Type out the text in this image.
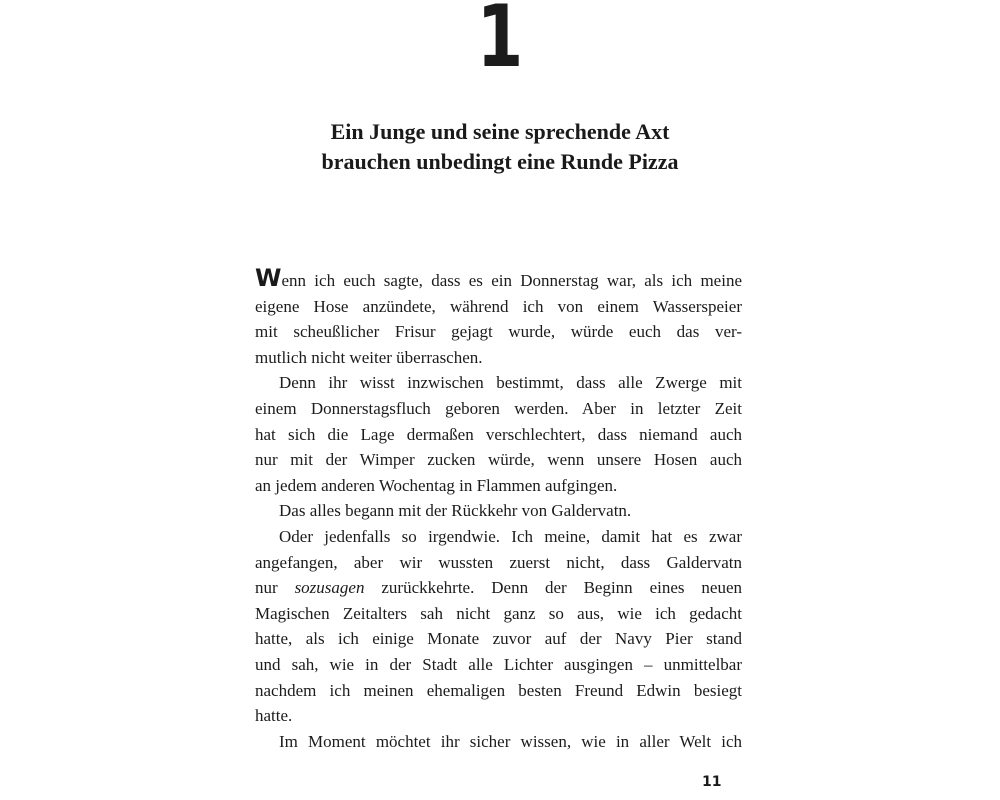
1
Ein Junge und seine sprechende Axt
brauchen unbedingt eine Runde Pizza
Wenn ich euch sagte, dass es ein Donnerstag war, als ich meine
eigene Hose anzündete, während ich von einem Wasserspeier
mit scheußlicher Frisur gejagt wurde, würde euch das ver-
mutlich nicht weiter überraschen.
Denn ihr wisst inzwischen bestimmt, dass alle Zwerge mit
einem Donnerstagsfluch geboren werden. Aber in letzter Zeit
hat sich die Lage dermaßen verschlechtert, dass niemand auch
nur mit der Wimper zucken würde, wenn unsere Hosen auch
an jedem anderen Wochentag in Flammen aufgingen.
Das alles begann mit der Rückkehr von Galdervatn.
Oder jedenfalls so irgendwie. Ich meine, damit hat es zwar
angefangen, aber wir wussten zuerst nicht, dass Galdervatn
nur sozusagen zurückkehrte. Denn der Beginn eines neuen
Magischen Zeitalters sah nicht ganz so aus, wie ich gedacht
hatte, als ich einige Monate zuvor auf der Navy Pier stand
und sah, wie in der Stadt alle Lichter ausgingen – unmittelbar
nachdem ich meinen ehemaligen besten Freund Edwin besiegt
hatte.
Im Moment möchtet ihr sicher wissen, wie in aller Welt ich
11
